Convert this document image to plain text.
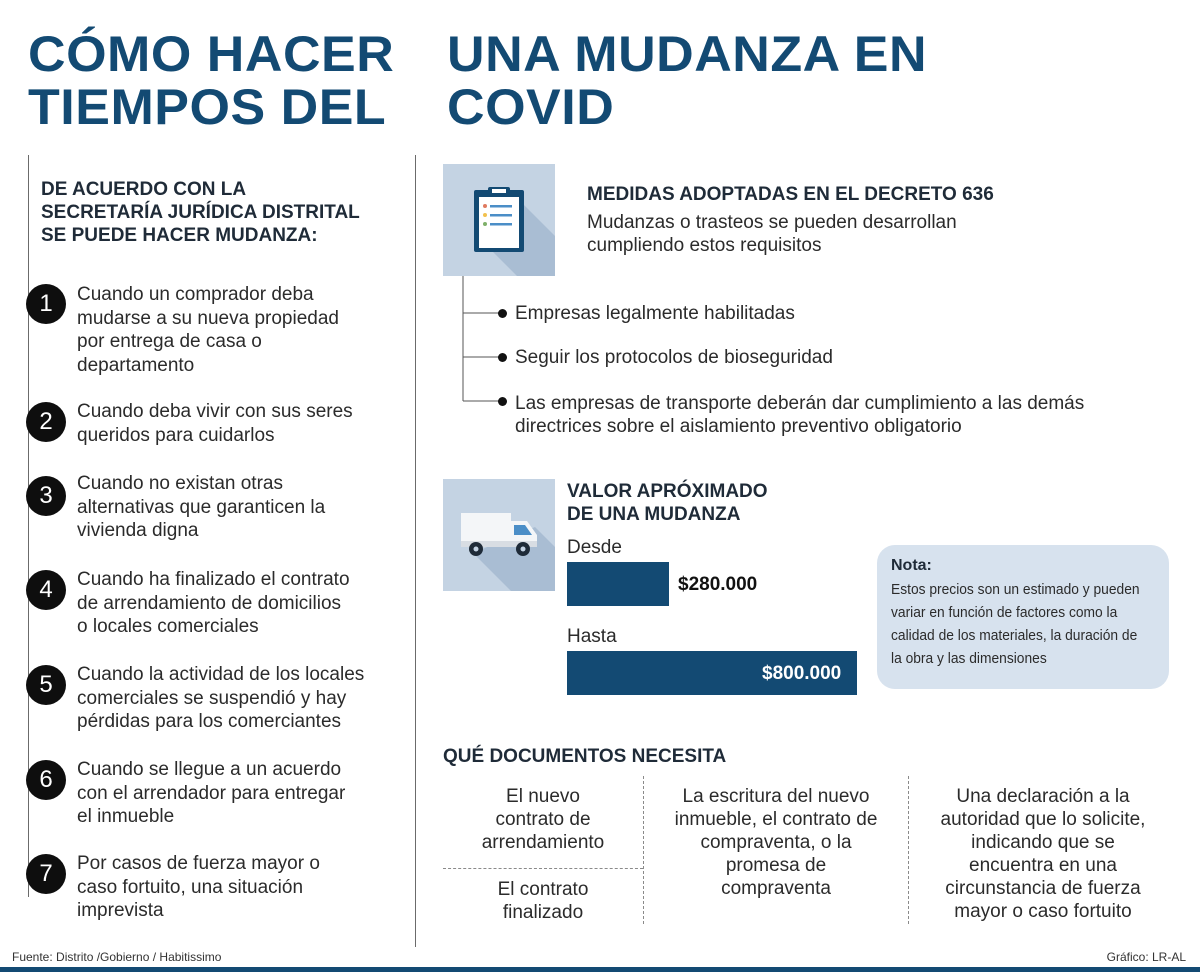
CÓMO HACER
TIEMPOS DEL
UNA MUDANZA EN
COVID
DE ACUERDO CON LA
SECRETARÍA JURÍDICA DISTRITAL
SE PUEDE HACER MUDANZA:
1	Cuando un comprador deba
mudarse a su nueva propiedad
por entrega de casa o
departamento
2	Cuando deba vivir con sus seres
queridos para cuidarlos
3	Cuando no existan otras
alternativas que garanticen la
vivienda digna
4	Cuando ha finalizado el contrato
de arrendamiento de domicilios
o locales comerciales
5	Cuando la actividad de los locales
comerciales se suspendió y hay
pérdidas para los comerciantes
6	Cuando se llegue a un acuerdo
con el arrendador para entregar
el inmueble
7	Por casos de fuerza mayor o
caso fortuito, una situación
imprevista
MEDIDAS ADOPTADAS EN EL DECRETO 636
Mudanzas o trasteos se pueden desarrollan
cumpliendo estos requisitos
Empresas legalmente habilitadas
Seguir los protocolos de bioseguridad
Las empresas de transporte deberán dar cumplimiento a las demás
directrices sobre el aislamiento preventivo obligatorio
VALOR APRÓXIMADO
DE UNA MUDANZA
Desde
$280.000
Hasta
$800.000
Nota:
Estos precios son un estimado y pueden
variar en función de factores como la
calidad de los materiales, la duración de
la obra y las dimensiones
QUÉ DOCUMENTOS NECESITA
El nuevo
contrato de
arrendamiento
El contrato
finalizado
La escritura del nuevo
inmueble, el contrato de
compraventa, o la
promesa de
compraventa
Una declaración a la
autoridad que lo solicite,
indicando que se
encuentra en una
circunstancia de fuerza
mayor o caso fortuito
Fuente: Distrito /Gobierno / Habitissimo	Gráfico: LR-AL
